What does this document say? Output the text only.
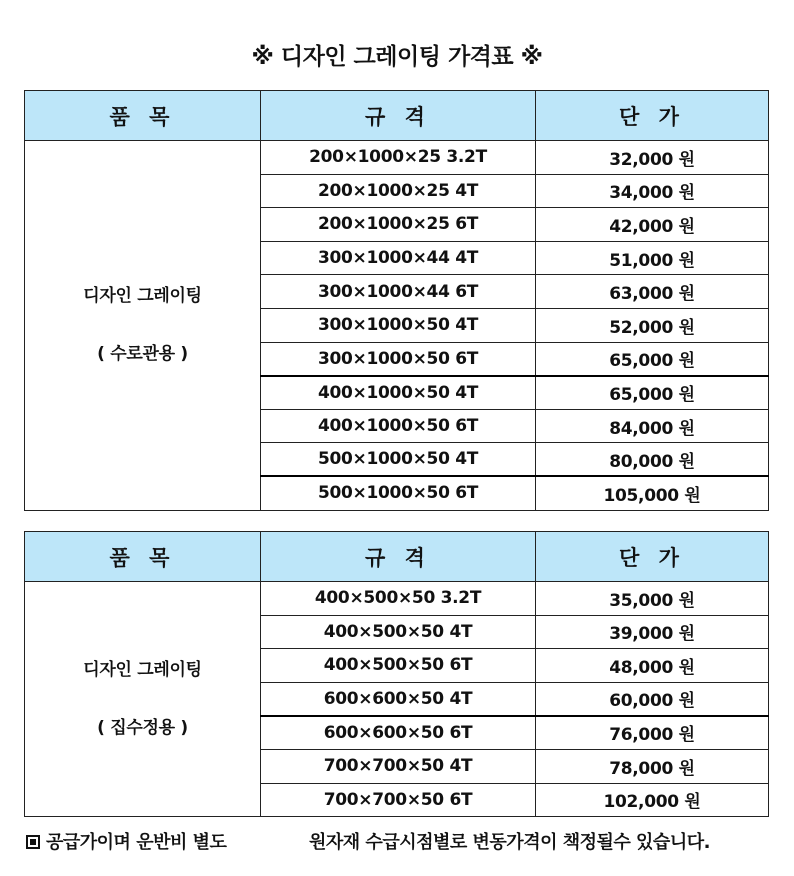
※ 디자인 그레이팅 가격표 ※
품 목	규 격	단 가

디자인 그레이팅
( 수로관용 )	200×1000×25 3.2T	32,000 원
	200×1000×25 4T	34,000 원
	200×1000×25 6T	42,000 원
	300×1000×44 4T	51,000 원
	300×1000×44 6T	63,000 원
	300×1000×50 4T	52,000 원
	300×1000×50 6T	65,000 원
	400×1000×50 4T	65,000 원
	400×1000×50 6T	84,000 원
	500×1000×50 4T	80,000 원
	500×1000×50 6T	105,000 원
품 목	규 격	단 가

디자인 그레이팅
( 집수정용 )	400×500×50 3.2T	35,000 원
	400×500×50 4T	39,000 원
	400×500×50 6T	48,000 원
	600×600×50 4T	60,000 원
	600×600×50 6T	76,000 원
	700×700×50 4T	78,000 원
	700×700×50 6T	102,000 원
공급가이며 운반비 별도	원자재 수급시점별로 변동가격이 책정될수 있습니다.
